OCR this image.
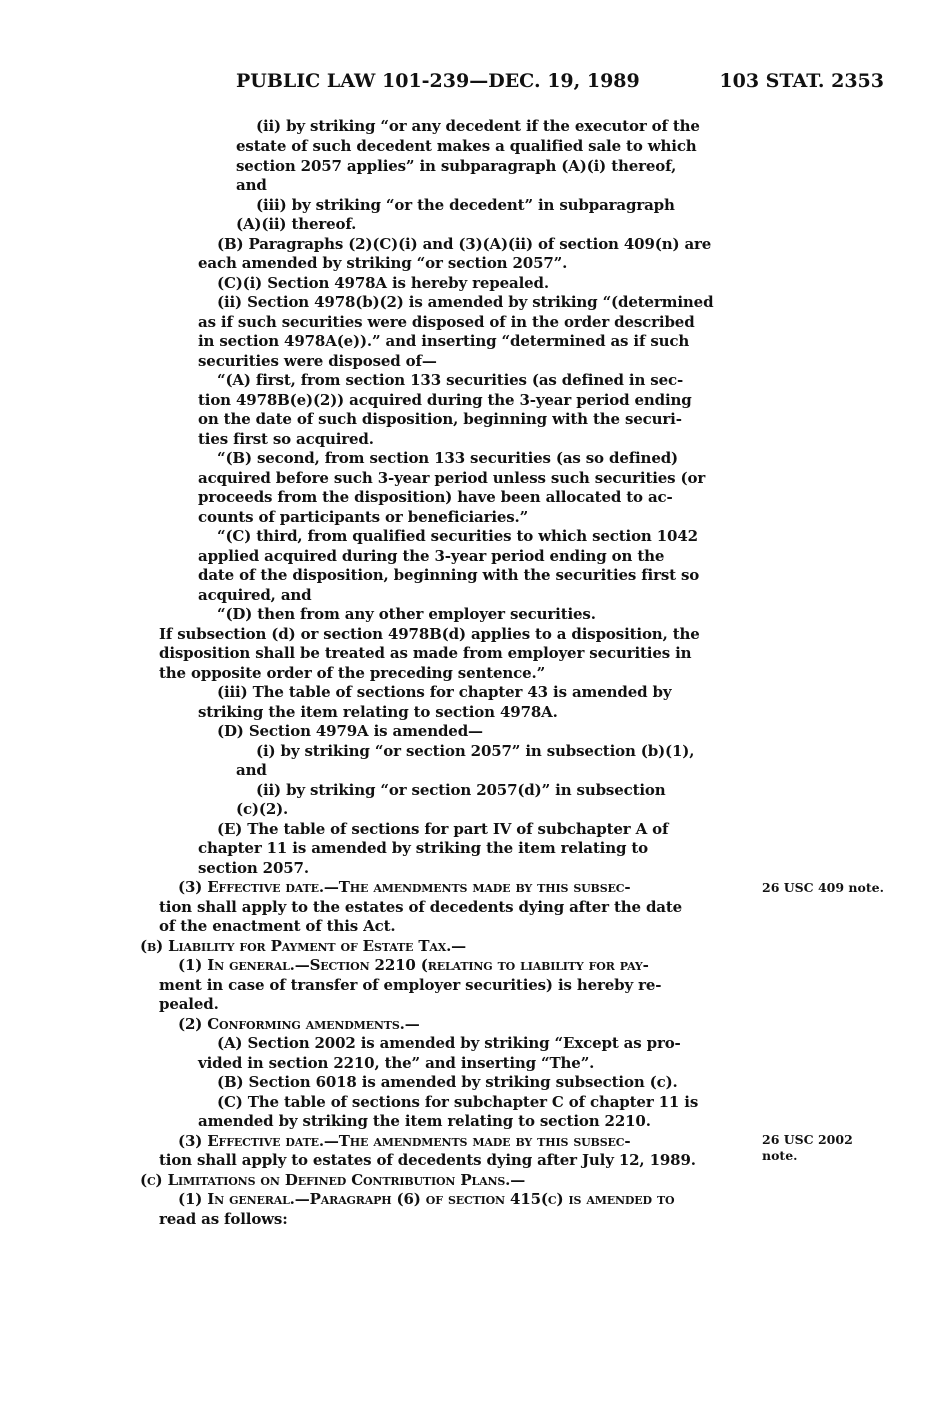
PUBLIC LAW 101-239—DEC. 19, 1989	103 STAT. 2353
(ii) by striking “or any decedent if the executor of the
estate of such decedent makes a qualified sale to which
section 2057 applies” in subparagraph (A)(i) thereof,
and
(iii) by striking “or the decedent” in subparagraph
(A)(ii) thereof.
(B) Paragraphs (2)(C)(i) and (3)(A)(ii) of section 409(n) are
each amended by striking “or section 2057”.
(C)(i) Section 4978A is hereby repealed.
(ii) Section 4978(b)(2) is amended by striking “(determined
as if such securities were disposed of in the order described
in section 4978A(e)).” and inserting “determined as if such
securities were disposed of—
“(A) first, from section 133 securities (as defined in sec-
tion 4978B(e)(2)) acquired during the 3-year period ending
on the date of such disposition, beginning with the securi-
ties first so acquired.
“(B) second, from section 133 securities (as so defined)
acquired before such 3-year period unless such securities (or
proceeds from the disposition) have been allocated to ac-
counts of participants or beneficiaries.”
“(C) third, from qualified securities to which section 1042
applied acquired during the 3-year period ending on the
date of the disposition, beginning with the securities first so
acquired, and
“(D) then from any other employer securities.
If subsection (d) or section 4978B(d) applies to a disposition, the
disposition shall be treated as made from employer securities in
the opposite order of the preceding sentence.”
(iii) The table of sections for chapter 43 is amended by
striking the item relating to section 4978A.
(D) Section 4979A is amended—
(i) by striking “or section 2057” in subsection (b)(1),
and
(ii) by striking “or section 2057(d)” in subsection
(c)(2).
(E) The table of sections for part IV of subchapter A of
chapter 11 is amended by striking the item relating to
section 2057.
(3) Effective date.—The amendments made by this subsec-
tion shall apply to the estates of decedents dying after the date
of the enactment of this Act.
(b) Liability for Payment of Estate Tax.—
(1) In general.—Section 2210 (relating to liability for pay-
ment in case of transfer of employer securities) is hereby re-
pealed.
(2) Conforming amendments.—
(A) Section 2002 is amended by striking “Except as pro-
vided in section 2210, the” and inserting “The”.
(B) Section 6018 is amended by striking subsection (c).
(C) The table of sections for subchapter C of chapter 11 is
amended by striking the item relating to section 2210.
(3) Effective date.—The amendments made by this subsec-
tion shall apply to estates of decedents dying after July 12, 1989.
(c) Limitations on Defined Contribution Plans.—
(1) In general.—Paragraph (6) of section 415(c) is amended to
read as follows:
26 USC 409 note.
26 USC 2002
note.
